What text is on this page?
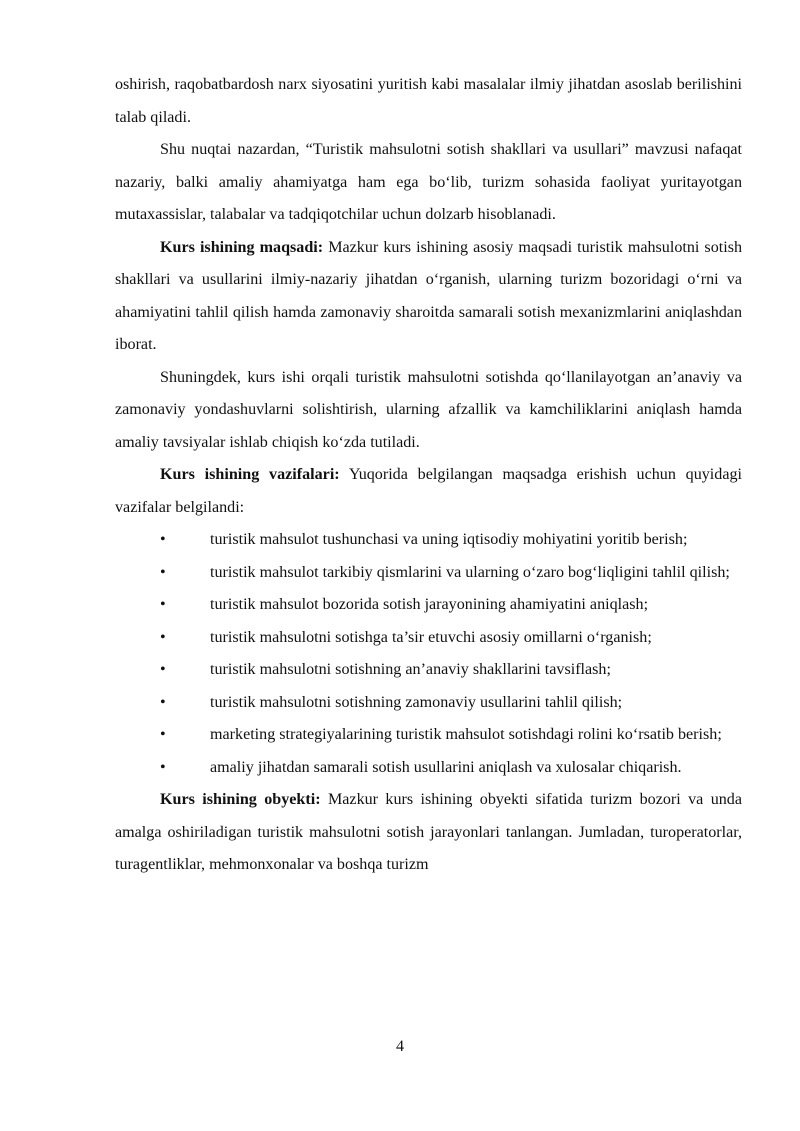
oshirish, raqobatbardosh narx siyosatini yuritish kabi masalalar ilmiy jihatdan asoslab berilishini talab qiladi.

Shu nuqtai nazardan, “Turistik mahsulotni sotish shakllari va usullari” mavzusi nafaqat nazariy, balki amaliy ahamiyatga ham ega bo‘lib, turizm sohasida faoliyat yuritayotgan mutaxassislar, talabalar va tadqiqotchilar uchun dolzarb hisoblanadi.

Kurs ishining maqsadi: Mazkur kurs ishining asosiy maqsadi turistik mahsulotni sotish shakllari va usullarini ilmiy-nazariy jihatdan o‘rganish, ularning turizm bozoridagi o‘rni va ahamiyatini tahlil qilish hamda zamonaviy sharoitda samarali sotish mexanizmlarini aniqlashdan iborat.

Shuningdek, kurs ishi orqali turistik mahsulotni sotishda qo‘llanilayotgan an’anaviy va zamonaviy yondashuvlarni solishtirish, ularning afzallik va kamchiliklarini aniqlash hamda amaliy tavsiyalar ishlab chiqish ko‘zda tutiladi.

Kurs ishining vazifalari: Yuqorida belgilangan maqsadga erishish uchun quyidagi vazifalar belgilandi:

•	turistik mahsulot tushunchasi va uning iqtisodiy mohiyatini yoritib berish;

•	turistik mahsulot tarkibiy qismlarini va ularning o‘zaro bog‘liqligini tahlil qilish;

•	turistik mahsulot bozorida sotish jarayonining ahamiyatini aniqlash;

•	turistik mahsulotni sotishga ta’sir etuvchi asosiy omillarni o‘rganish;

•	turistik mahsulotni sotishning an’anaviy shakllarini tavsiflash;

•	turistik mahsulotni sotishning zamonaviy usullarini tahlil qilish;

•	marketing strategiyalarining turistik mahsulot sotishdagi rolini ko‘rsatib berish;

•	amaliy jihatdan samarali sotish usullarini aniqlash va xulosalar chiqarish.

Kurs ishining obyekti: Mazkur kurs ishining obyekti sifatida turizm bozori va unda amalga oshiriladigan turistik mahsulotni sotish jarayonlari tanlangan. Jumladan, turoperatorlar, turagentliklar, mehmonxonalar va boshqa turizm

4
